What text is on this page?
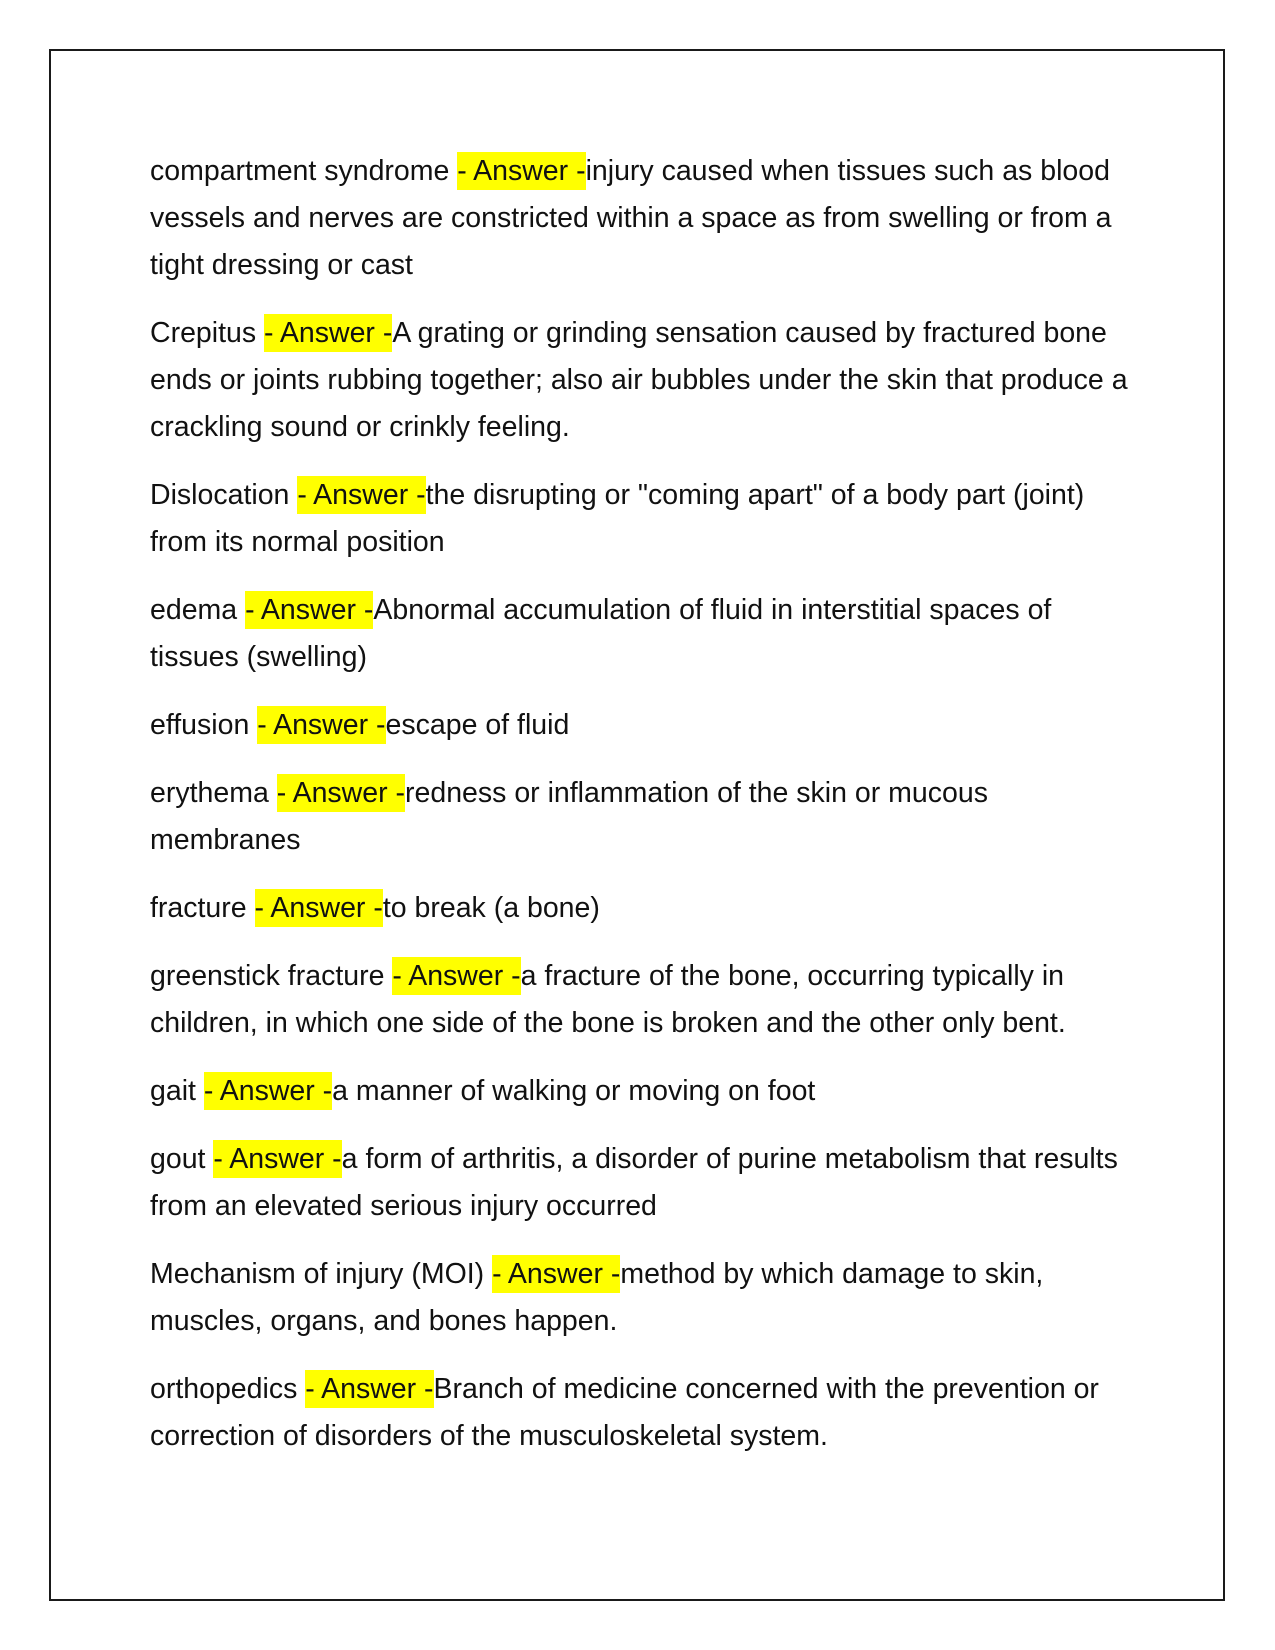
compartment syndrome - Answer -injury caused when tissues such as blood vessels and nerves are constricted within a space as from swelling or from a tight dressing or cast

Crepitus - Answer -A grating or grinding sensation caused by fractured bone ends or joints rubbing together; also air bubbles under the skin that produce a crackling sound or crinkly feeling.

Dislocation - Answer -the disrupting or "coming apart" of a body part (joint) from its normal position

edema - Answer -Abnormal accumulation of fluid in interstitial spaces of tissues (swelling)

effusion - Answer -escape of fluid

erythema - Answer -redness or inflammation of the skin or mucous membranes

fracture - Answer -to break (a bone)

greenstick fracture - Answer -a fracture of the bone, occurring typically in children, in which one side of the bone is broken and the other only bent.

gait - Answer -a manner of walking or moving on foot

gout - Answer -a form of arthritis, a disorder of purine metabolism that results from an elevated serious injury occurred

Mechanism of injury (MOI) - Answer -method by which damage to skin, muscles, organs, and bones happen.

orthopedics - Answer -Branch of medicine concerned with the prevention or correction of disorders of the musculoskeletal system.
